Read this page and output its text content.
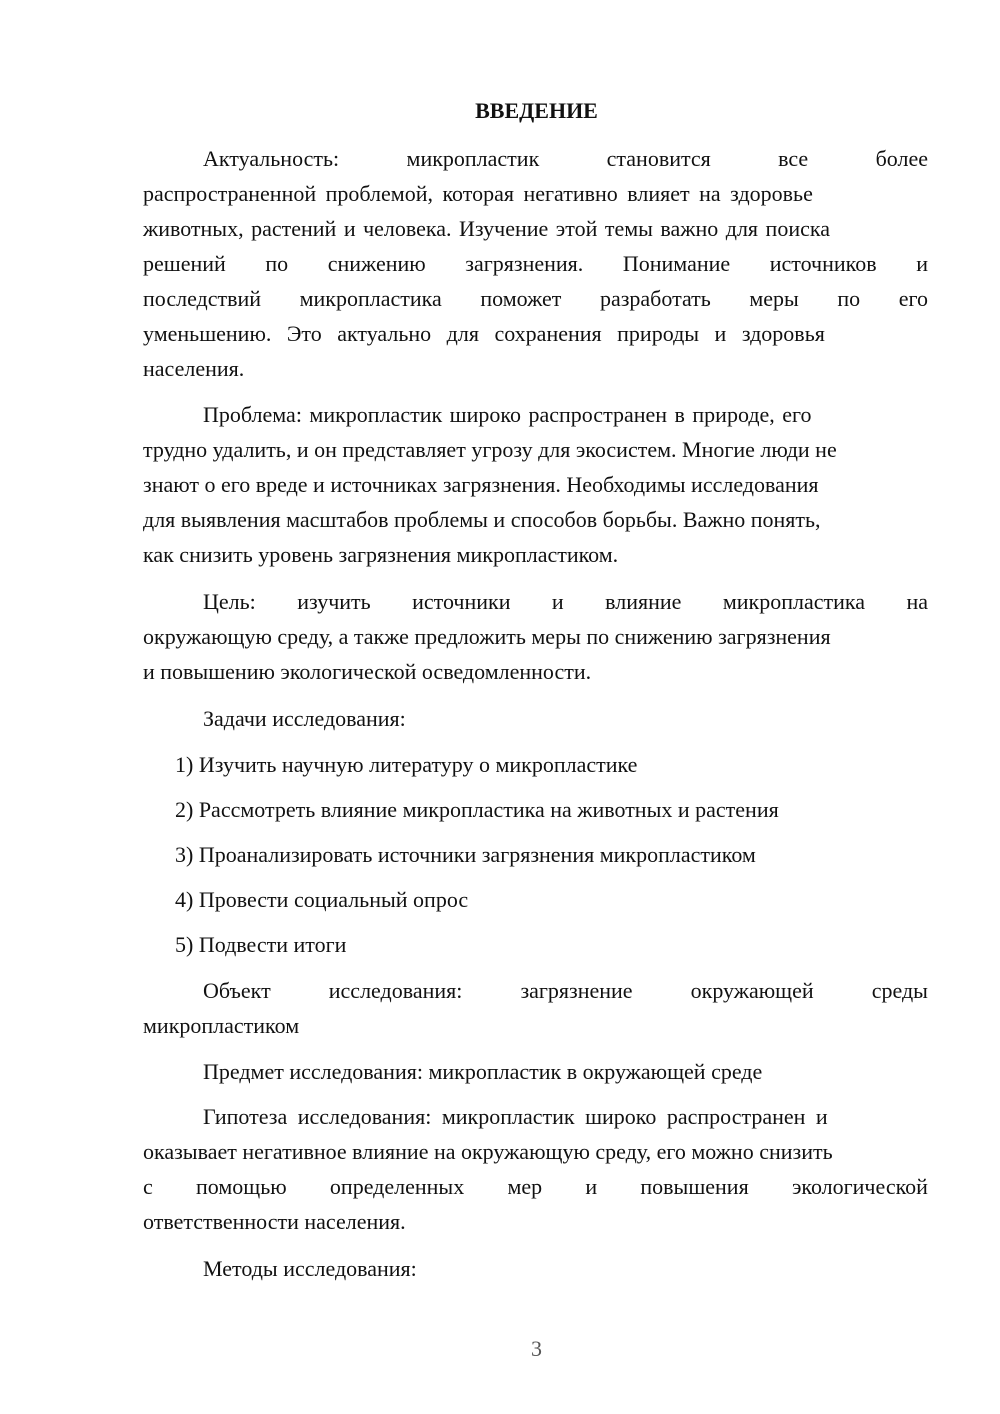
ВВЕДЕНИЕ
Актуальность:	микропластик	становится	все	более
распространенной проблемой, которая негативно влияет на здоровье
животных, растений и человека. Изучение этой темы важно для поиска
решений по снижению загрязнения. Понимание источников и
последствий микропластика поможет разработать меры по его
уменьшению. Это актуально для сохранения природы и здоровья
населения.
Проблема: микропластик широко распространен в природе, его
трудно удалить, и он представляет угрозу для экосистем. Многие люди не
знают о его вреде и источниках загрязнения. Необходимы исследования
для выявления масштабов проблемы и способов борьбы. Важно понять,
как снизить уровень загрязнения микропластиком.
Цель: изучить источники и влияние микропластика на
окружающую среду, а также предложить меры по снижению загрязнения
и повышению экологической осведомленности.
Задачи исследования:
1) Изучить научную литературу о микропластике
2) Рассмотреть влияние микропластика на животных и растения
3) Проанализировать источники загрязнения микропластиком
4) Провести социальный опрос
5) Подвести итоги
Объект	исследования:	загрязнение	окружающей	среды
микропластиком
Предмет исследования: микропластик в окружающей среде
Гипотеза исследования: микропластик широко распространен и
оказывает негативное влияние на окружающую среду, его можно снизить
с помощью определенных мер и повышения экологической
ответственности населения.
Методы исследования:
3
